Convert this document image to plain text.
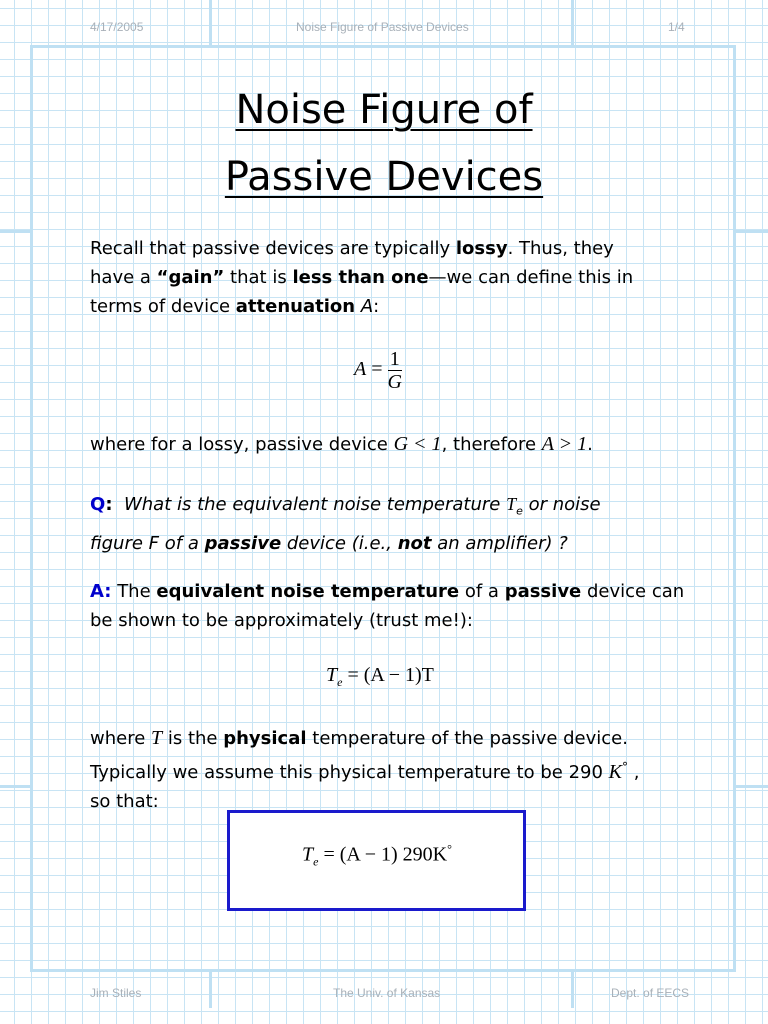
4/17/2005	Noise Figure of Passive Devices	1/4
Noise Figure of
Passive Devices
Recall that passive devices are typically lossy. Thus, they
have a “gain” that is less than one—we can define this in
terms of device attenuation A:
$A = \frac{1}{G}$
where for a lossy, passive device G < 1, therefore A > 1.
Q: What is the equivalent noise temperature $T_e$ or noise
figure F of a passive device (i.e., not an amplifier) ?
A: The equivalent noise temperature of a passive device can
be shown to be approximately (trust me!):
$T_e = (A - 1)T$
where T is the physical temperature of the passive device.
Typically we assume this physical temperature to be 290 K° ,
so that:
$T_e = (A - 1)$ 290K°
Jim Stiles	The Univ. of Kansas	Dept. of EECS
